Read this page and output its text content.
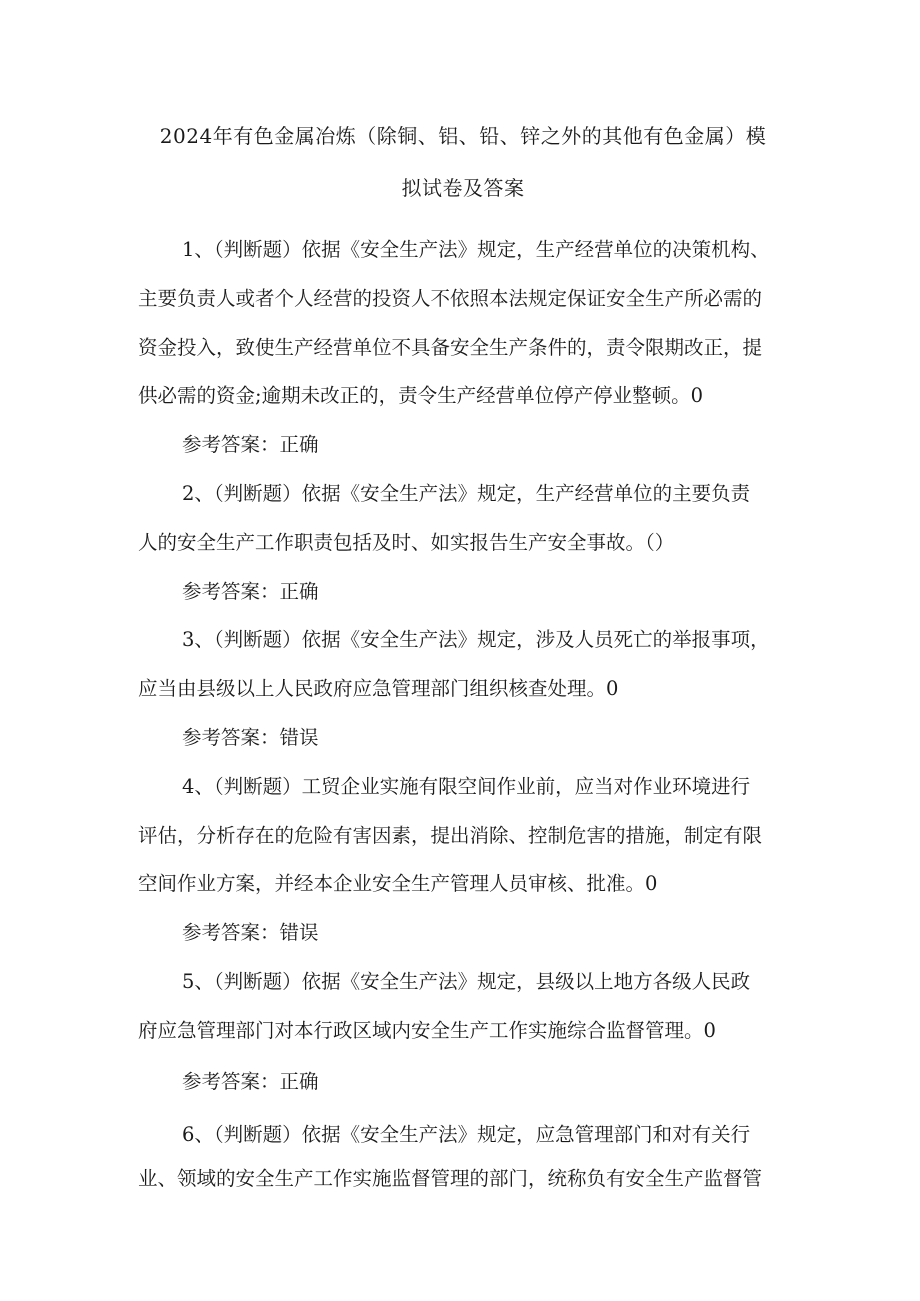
2024年有色金属冶炼（除铜、铝、铅、锌之外的其他有色金属）模
拟试卷及答案
1、（判断题）依据《安全生产法》规定，生产经营单位的决策机构、
主要负责人或者个人经营的投资人不依照本法规定保证安全生产所必需的
资金投入，致使生产经营单位不具备安全生产条件的，责令限期改正，提
供必需的资金;逾期未改正的，责令生产经营单位停产停业整顿。0
参考答案：正确
2、（判断题）依据《安全生产法》规定，生产经营单位的主要负责
人的安全生产工作职责包括及时、如实报告生产安全事故。（）
参考答案：正确
3、（判断题）依据《安全生产法》规定，涉及人员死亡的举报事项，
应当由县级以上人民政府应急管理部门组织核查处理。0
参考答案：错误
4、（判断题）工贸企业实施有限空间作业前，应当对作业环境进行
评估，分析存在的危险有害因素，提出消除、控制危害的措施，制定有限
空间作业方案，并经本企业安全生产管理人员审核、批准。0
参考答案：错误
5、（判断题）依据《安全生产法》规定，县级以上地方各级人民政
府应急管理部门对本行政区域内安全生产工作实施综合监督管理。0
参考答案：正确
6、（判断题）依据《安全生产法》规定，应急管理部门和对有关行
业、领域的安全生产工作实施监督管理的部门，统称负有安全生产监督管
